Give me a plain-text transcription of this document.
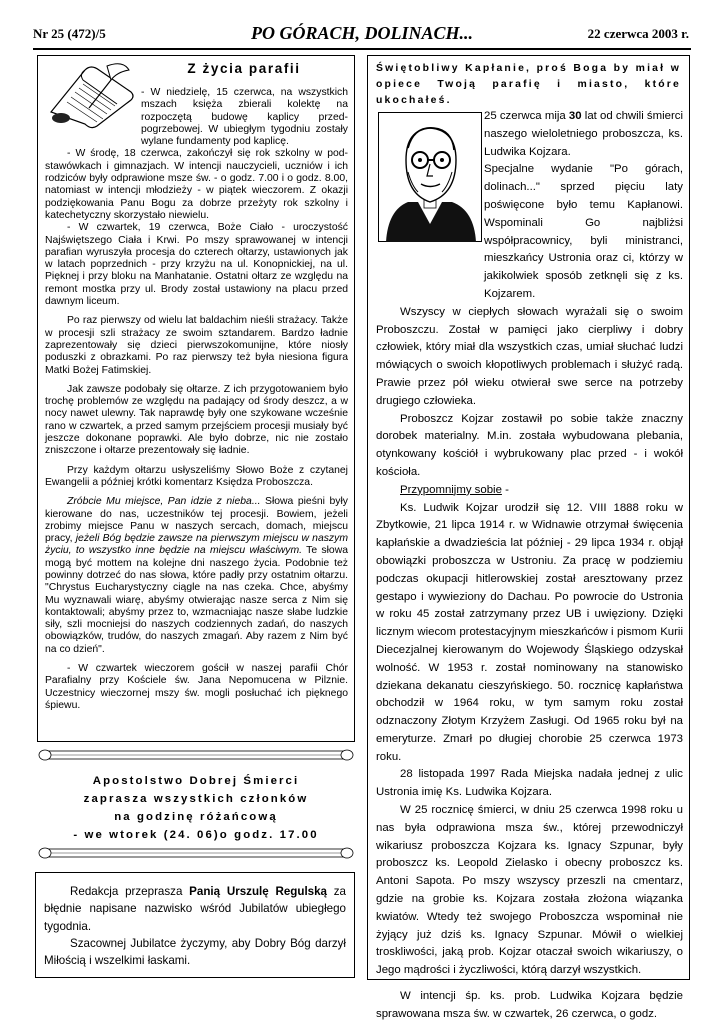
Nr 25 (472)/5	PO GÓRACH, DOLINACH...	22 czerwca 2003 r.
Z życia parafii

- W niedzielę, 15 czerwca, na wszystkich mszach księża zbierali kolektę na rozpoczętą budowę kaplicy przed-pogrzebowej. W ubiegłym tygodniu zostały wylane fundamenty pod kaplicę.

- W środę, 18 czerwca, zakończył się rok szkolny w pod-stawówkach i gimnazjach. W intencji nauczycieli, uczniów i ich rodziców były odprawione msze św. - o godz. 7.00 i o godz. 8.00, natomiast w intencji młodzieży - w piątek wieczorem. Z okazji podziękowania Panu Bogu za dobrze przeżyty rok szkolny i katechetyczny skorzystało niewielu.

- W czwartek, 19 czerwca, Boże Ciało - uroczystość Najświętszego Ciała i Krwi. Po mszy sprawowanej w intencji parafian wyruszyła procesja do czterech ołtarzy, ustawionych jak w latach poprzednich - przy krzyżu na ul. Konopnickiej, na ul. Pięknej i przy bloku na Manhatanie. Ostatni ołtarz ze względu na remont mostka przy ul. Brody został ustawiony na placu przed dawnym liceum.

Po raz pierwszy od wielu lat baldachim nieśli strażacy. Także w procesji szli strażacy ze swoim sztandarem. Bardzo ładnie zaprezentowały się dzieci pierwszokomunijne, które niosły poduszki z obrazkami. Po raz pierwszy też była niesiona figura Matki Bożej Fatimskiej.

Jak zawsze podobały się ołtarze. Z ich przygotowaniem było trochę problemów ze względu na padający od środy deszcz, a w nocy nawet ulewny. Tak naprawdę były one szykowane wcześnie rano w czwartek, a przed samym przejściem procesji musiały być jeszcze dokonane poprawki. Ale było dobrze, nic nie zostało zniszczone i ołtarze prezentowały się ładnie.

Przy każdym ołtarzu usłyszeliśmy Słowo Boże z czytanej Ewangelii a później krótki komentarz Księdza Proboszcza.

Zróbcie Mu miejsce, Pan idzie z nieba... Słowa pieśni były kierowane do nas, uczestników tej procesji. Bowiem, jeżeli zrobimy miejsce Panu w naszych sercach, domach, miejscu pracy, jeżeli Bóg będzie zawsze na pierwszym miejscu w naszym życiu, to wszystko inne będzie na miejscu właściwym. Te słowa mogą być mottem na kolejne dni naszego życia. Podobnie też powinny dotrzeć do nas słowa, które padły przy ostatnim ołtarzu. "Chrystus Eucharystyczny ciągle na nas czeka. Chce, abyśmy Mu wyznawali wiarę, abyśmy otwierając nasze serca z Nim się kontaktowali; abyśmy przez to, wzmacniając nasze słabe ludzkie siły, szli mocniejsi do naszych codziennych zadań, do naszych obowiązków, trudów, do naszych zmagań. Aby razem z Nim być na co dzień".

- W czwartek wieczorem gościł w naszej parafii Chór Parafialny przy Kościele św. Jana Nepomucena w Pilznie. Uczestnicy wieczornej mszy św. mogli posłuchać ich pięknego śpiewu.

Apostolstwo Dobrej Śmierci
zaprasza wszystkich członków
na godzinę różańcową
- we wtorek (24. 06)o godz. 17.00

Redakcja przeprasza Panią Urszulę Regulską za błędnie napisane nazwisko wśród Jubilatów ubiegłego tygodnia.

Szacownej Jubilatce życzymy, aby Dobry Bóg darzył Miłością i wszelkimi łaskami.

Świętobliwy Kapłanie, proś Boga by miał w opiece Twoją parafię i miasto, które ukochałeś.

25 czerwca mija 30 lat od chwili śmierci naszego wieloletniego proboszcza, ks. Ludwika Kojzara.

Specjalne wydanie "Po górach, dolinach..." sprzed pięciu laty poświęcone było temu Kapłanowi. Wspominali Go najbliżsi współpracownicy, byli ministranci, mieszkańcy Ustronia oraz ci, którzy w jakikolwiek sposób zetknęli się z ks. Kojzarem.

Wszyscy w ciepłych słowach wyrażali się o swoim Proboszczu. Został w pamięci jako cierpliwy i dobry człowiek, który miał dla wszystkich czas, umiał słuchać ludzi mówiących o swoich kłopotliwych problemach i służyć radą. Prawie przez pół wieku otwierał swe serce na potrzeby drugiego człowieka.

Proboszcz Kojzar zostawił po sobie także znaczny dorobek materialny. M.in. została wybudowana plebania, otynkowany kościół i wybrukowany plac przed - i wokół kościoła.

Przypomnijmy sobie -

Ks. Ludwik Kojzar urodził się 12. VIII 1888 roku w Zbytkowie, 21 lipca 1914 r. w Widnawie otrzymał święcenia kapłańskie a dwadzieścia lat później - 29 lipca 1934 r. objął obowiązki proboszcza w Ustroniu. Za pracę w podziemiu podczas okupacji hitlerowskiej został aresztowany przez gestapo i wywieziony do Dachau. Po powrocie do Ustronia w roku 45 został zatrzymany przez UB i uwięziony. Dzięki licznym wiecom protestacyjnym mieszkańców i pismom Kurii Diecezjalnej kierowanym do Wojewody Śląskiego odzyskał wolność. W 1953 r. został nominowany na stanowisko dziekana dekanatu cieszyńskiego. 50. rocznicę kapłaństwa obchodził w 1964 roku, w tym samym roku został odznaczony Złotym Krzyżem Zasługi. Od 1965 roku był na emeryturze. Zmarł po długiej chorobie 25 czerwca 1973 roku.

28 listopada 1997 Rada Miejska nadała jednej z ulic Ustronia imię Ks. Ludwika Kojzara.

W 25 rocznicę śmierci, w dniu 25 czerwca 1998 roku u nas była odprawiona msza św., której przewodniczył wikariusz proboszcza Kojzara ks. Ignacy Szpunar, były proboszcz ks. Leopold Zielasko i obecny proboszcz ks. Antoni Sapota. Po mszy wszyscy przeszli na cmentarz, gdzie na grobie ks. Kojzara została złożona wiązanka kwiatów. Wtedy też swojego Proboszcza wspominał nie żyjący już dziś ks. Ignacy Szpunar. Mówił o wielkiej troskliwości, jaką prob. Kojzar otaczał swoich wikariuszy, o Jego mądrości i życzliwości, którą darzył wszystkich.

W intencji śp. ks. prob. Ludwika Kojzara będzie sprawowana msza św. w czwartek, 26 czerwca, o godz.
